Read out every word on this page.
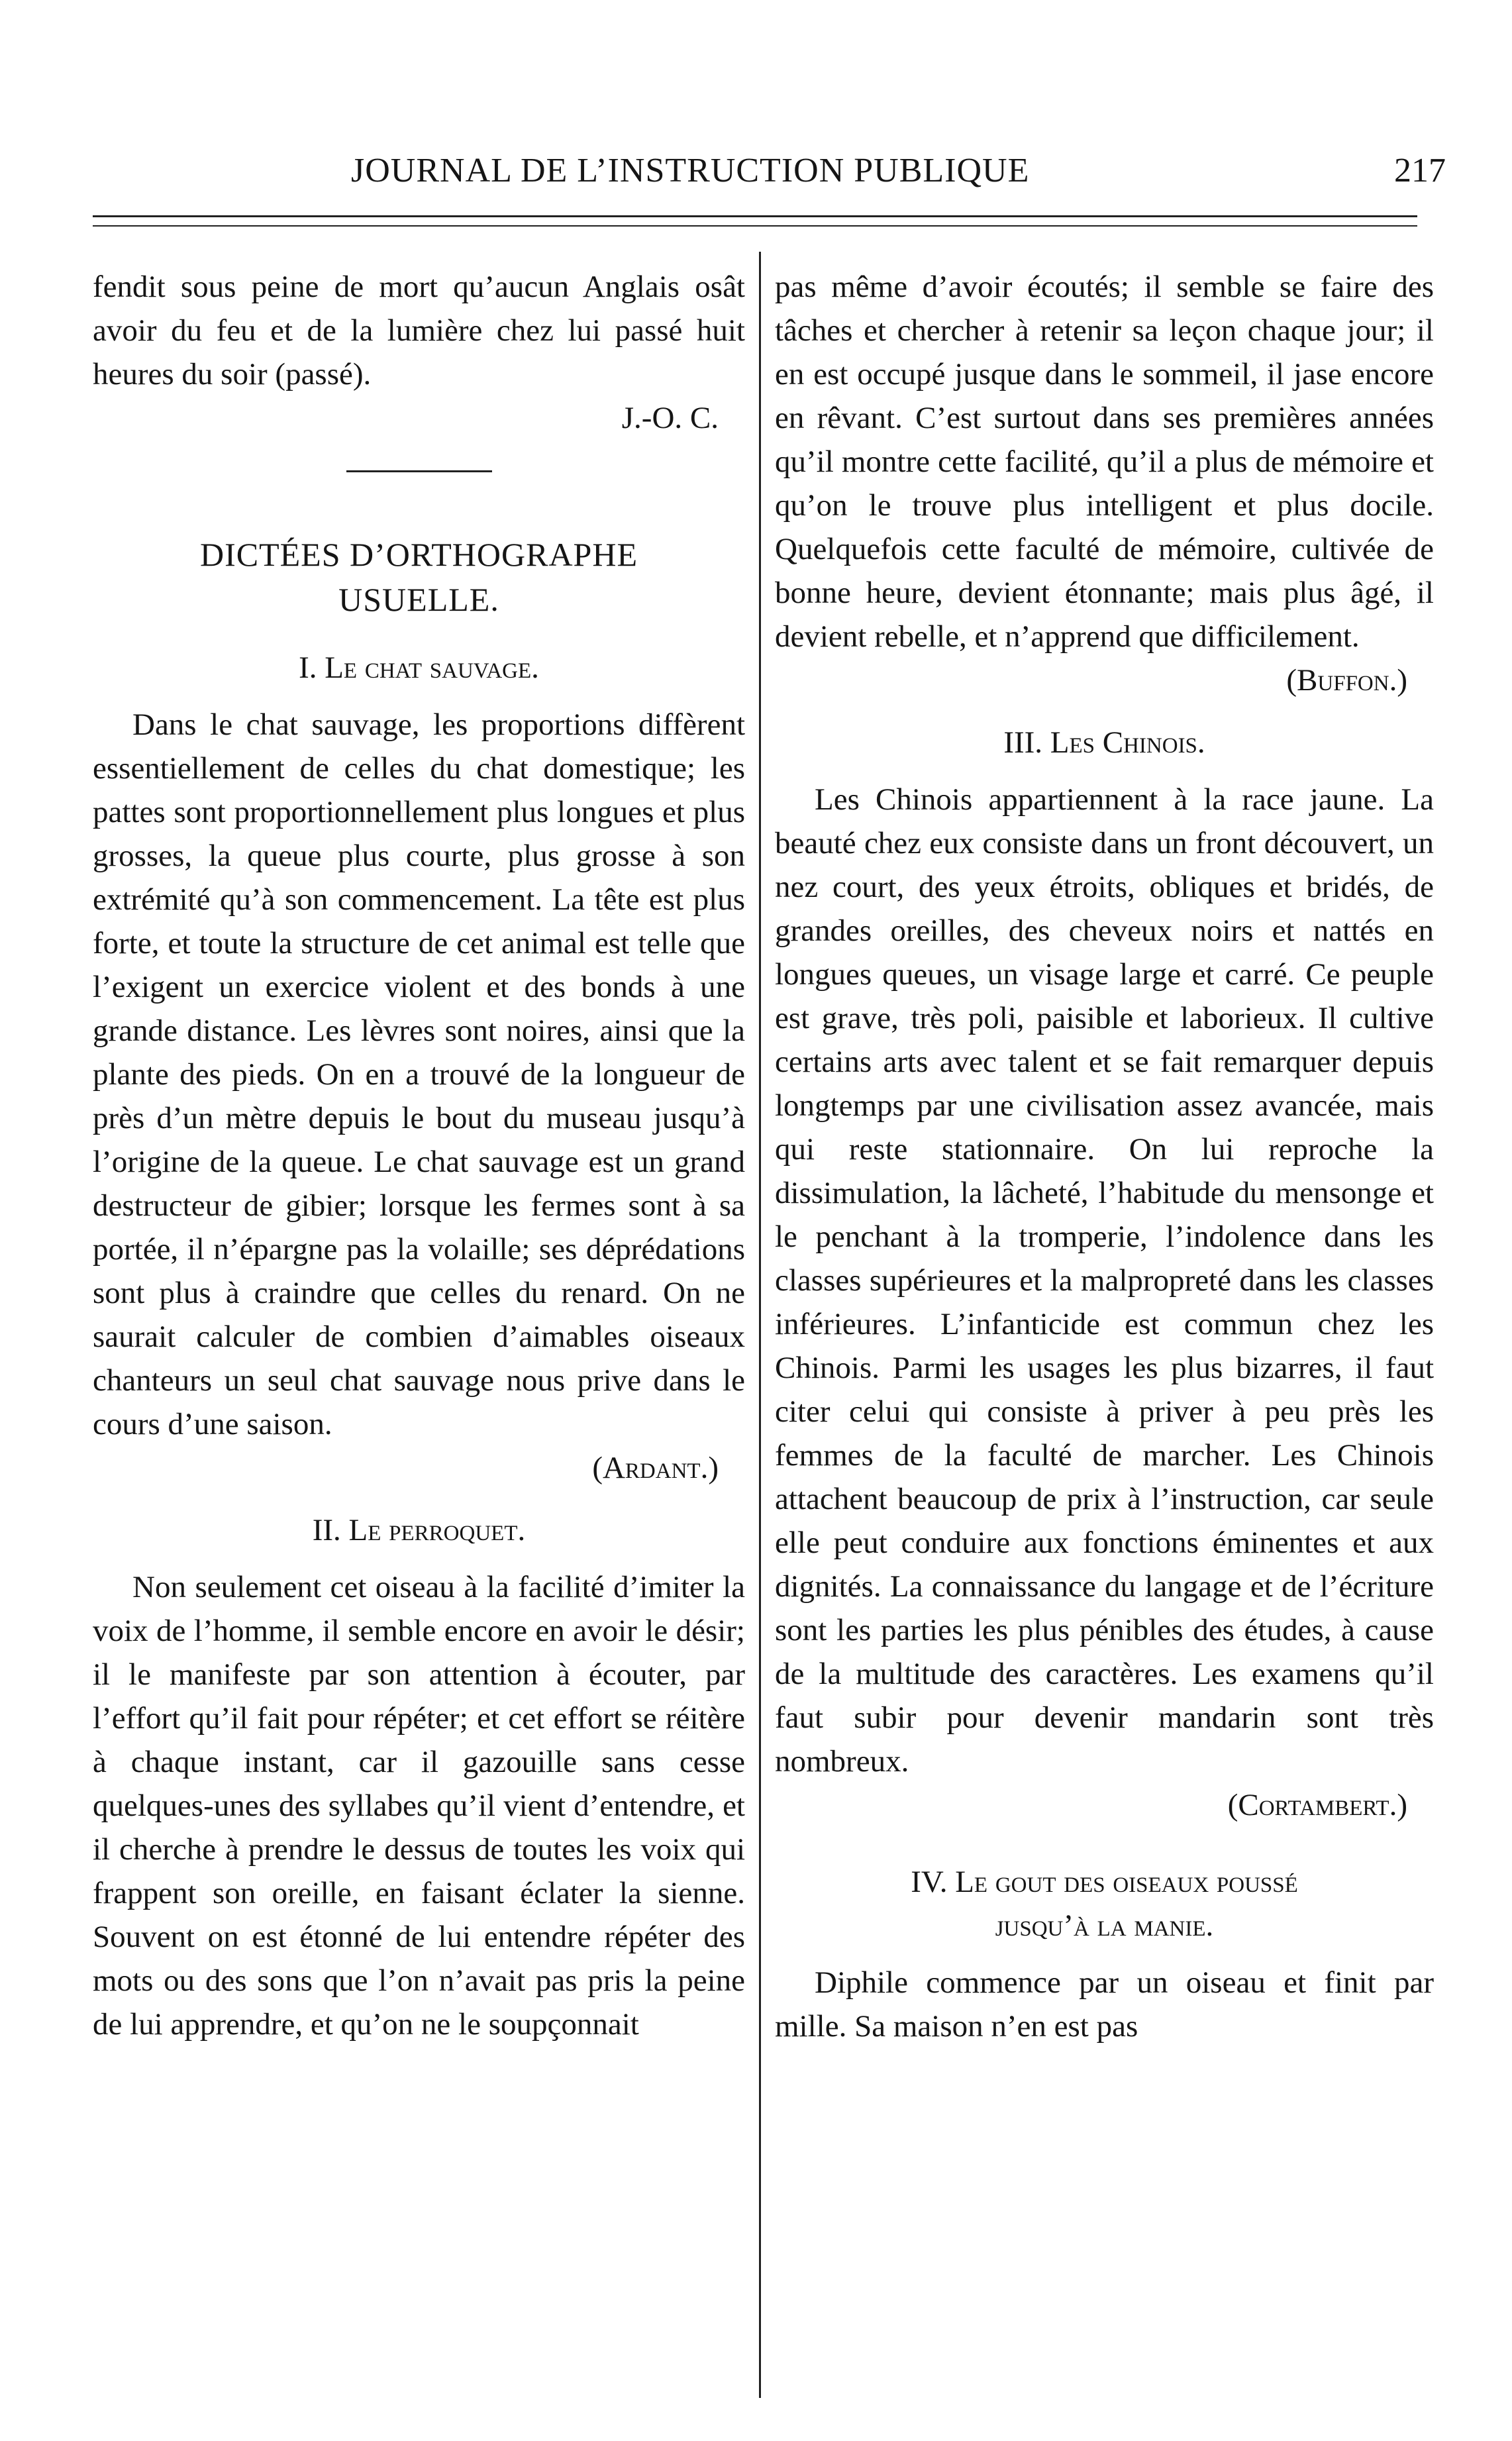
JOURNAL DE L’INSTRUCTION PUBLIQUE	217

fendit sous peine de mort qu’aucun Anglais osât avoir du feu et de la lumière chez lui passé huit heures du soir (passé).

J.-O. C.

DICTÉES D’ORTHOGRAPHE
USUELLE.
I. Le chat sauvage.

Dans le chat sauvage, les proportions diffèrent essentiellement de celles du chat domestique; les pattes sont proportionnellement plus longues et plus grosses, la queue plus courte, plus grosse à son extrémité qu’à son commencement. La tête est plus forte, et toute la structure de cet animal est telle que l’exigent un exercice violent et des bonds à une grande distance. Les lèvres sont noires, ainsi que la plante des pieds. On en a trouvé de la longueur de près d’un mètre depuis le bout du museau jusqu’à l’origine de la queue. Le chat sauvage est un grand destructeur de gibier; lorsque les fermes sont à sa portée, il n’épargne pas la volaille; ses déprédations sont plus à craindre que celles du renard. On ne saurait calculer de combien d’aimables oiseaux chanteurs un seul chat sauvage nous prive dans le cours d’une saison.

(Ardant.)

II. Le perroquet.

Non seulement cet oiseau à la facilité d’imiter la voix de l’homme, il semble encore en avoir le désir; il le manifeste par son attention à écouter, par l’effort qu’il fait pour répéter; et cet effort se réitère à chaque instant, car il gazouille sans cesse quelques-unes des syllabes qu’il vient d’entendre, et il cherche à prendre le dessus de toutes les voix qui frappent son oreille, en faisant éclater la sienne. Souvent on est étonné de lui entendre répéter des mots ou des sons que l’on n’avait pas pris la peine de lui apprendre, et qu’on ne le soupçonnait

pas même d’avoir écoutés; il semble se faire des tâches et chercher à retenir sa leçon chaque jour; il en est occupé jusque dans le sommeil, il jase encore en rêvant. C’est surtout dans ses premières années qu’il montre cette facilité, qu’il a plus de mémoire et qu’on le trouve plus intelligent et plus docile. Quelquefois cette faculté de mémoire, cultivée de bonne heure, devient étonnante; mais plus âgé, il devient rebelle, et n’apprend que difficilement.

(Buffon.)

III. Les Chinois.

Les Chinois appartiennent à la race jaune. La beauté chez eux consiste dans un front découvert, un nez court, des yeux étroits, obliques et bridés, de grandes oreilles, des cheveux noirs et nattés en longues queues, un visage large et carré. Ce peuple est grave, très poli, paisible et laborieux. Il cultive certains arts avec talent et se fait remarquer depuis longtemps par une civilisation assez avancée, mais qui reste stationnaire. On lui reproche la dissimulation, la lâcheté, l’habitude du mensonge et le penchant à la tromperie, l’indolence dans les classes supérieures et la malpropreté dans les classes inférieures. L’infanticide est commun chez les Chinois. Parmi les usages les plus bizarres, il faut citer celui qui consiste à priver à peu près les femmes de la faculté de marcher. Les Chinois attachent beaucoup de prix à l’instruction, car seule elle peut conduire aux fonctions éminentes et aux dignités. La connaissance du langage et de l’écriture sont les parties les plus pénibles des études, à cause de la multitude des caractères. Les examens qu’il faut subir pour devenir mandarin sont très nombreux.

(Cortambert.)

IV. Le gout des oiseaux poussé
jusqu’à la manie.

Diphile commence par un oiseau et finit par mille. Sa maison n’en est pas
